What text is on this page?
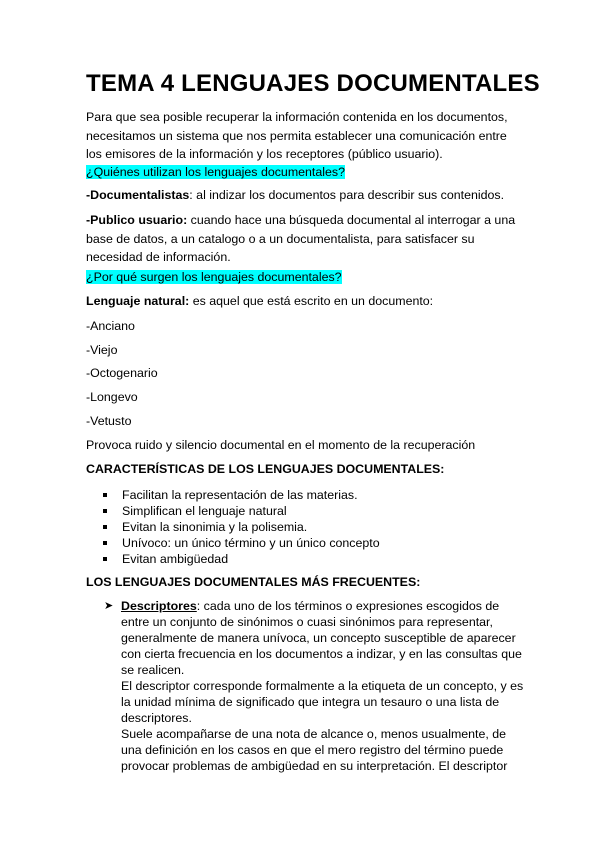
TEMA 4 LENGUAJES DOCUMENTALES

Para que sea posible recuperar la información contenida en los documentos, necesitamos un sistema que nos permita establecer una comunicación entre los emisores de la información y los receptores (público usuario).

¿Quiénes utilizan los lenguajes documentales?

-Documentalistas: al indizar los documentos para describir sus contenidos.

-Publico usuario: cuando hace una búsqueda documental al interrogar a una base de datos, a un catalogo o a un documentalista, para satisfacer su necesidad de información.

¿Por qué surgen los lenguajes documentales?

Lenguaje natural: es aquel que está escrito en un documento:

-Anciano

-Viejo

-Octogenario

-Longevo

-Vetusto

Provoca ruido y silencio documental en el momento de la recuperación

CARACTERÍSTICAS DE LOS LENGUAJES DOCUMENTALES:

Facilitan la representación de las materias.
Simplifican el lenguaje natural
Evitan la sinonimia y la polisemia.
Unívoco: un único término y un único concepto
Evitan ambigüedad

LOS LENGUAJES DOCUMENTALES MÁS FRECUENTES:

➤ Descriptores: cada uno de los términos o expresiones escogidos de entre un conjunto de sinónimos o cuasi sinónimos para representar, generalmente de manera unívoca, un concepto susceptible de aparecer con cierta frecuencia en los documentos a indizar, y en las consultas que se realicen.
El descriptor corresponde formalmente a la etiqueta de un concepto, y es la unidad mínima de significado que integra un tesauro o una lista de descriptores.
Suele acompañarse de una nota de alcance o, menos usualmente, de una definición en los casos en que el mero registro del término puede provocar problemas de ambigüedad en su interpretación. El descriptor
